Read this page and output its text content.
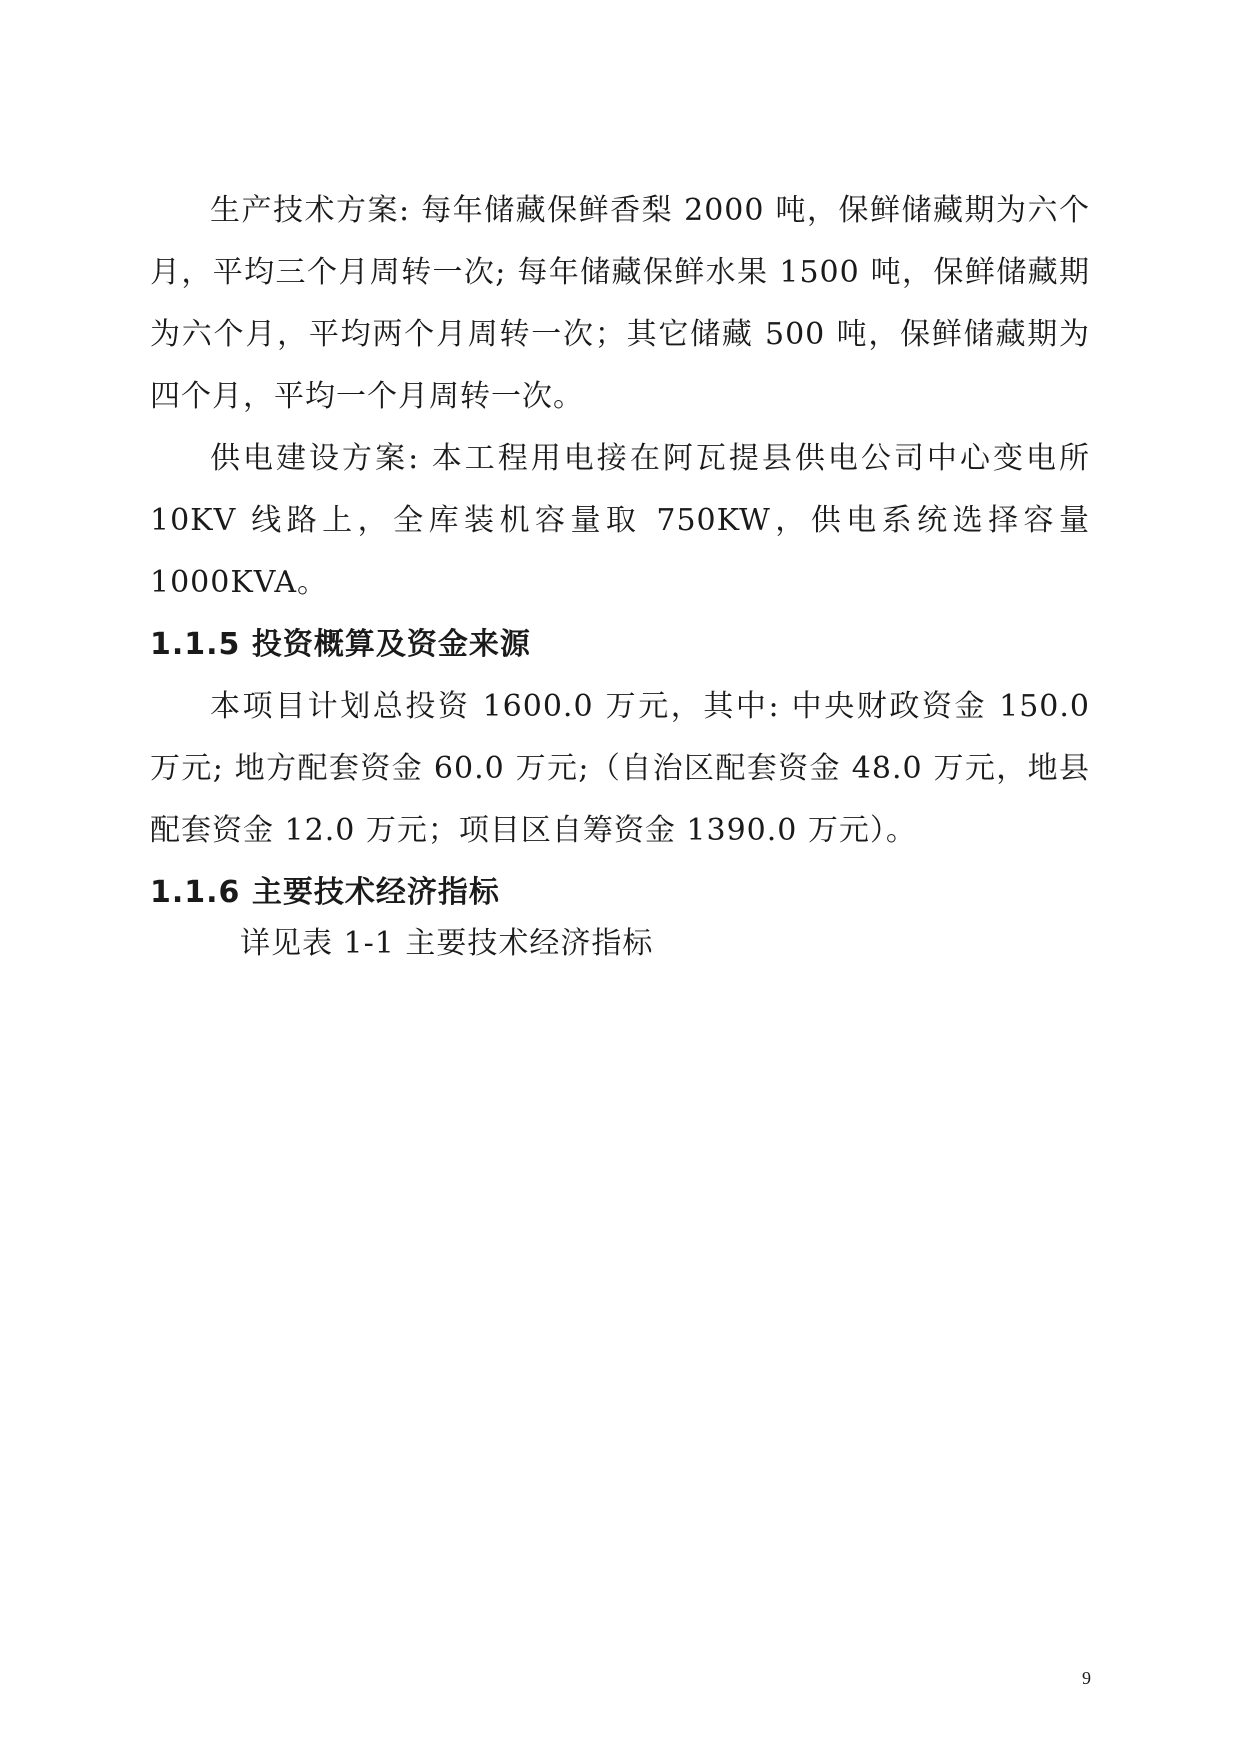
生产技术方案: 每年储藏保鲜香梨 2000 吨，保鲜储藏期为六个月，平均三个月周转一次; 每年储藏保鲜水果 1500 吨，保鲜储藏期为六个月，平均两个月周转一次；其它储藏 500 吨，保鲜储藏期为四个月，平均一个月周转一次。

供电建设方案: 本工程用电接在阿瓦提县供电公司中心变电所 10KV 线路上，全库装机容量取 750KW，供电系统选择容量 1000KVA。

1.1.5 投资概算及资金来源

本项目计划总投资 1600.0 万元，其中: 中央财政资金 150.0 万元; 地方配套资金 60.0 万元;（自治区配套资金 48.0 万元，地县配套资金 12.0 万元；项目区自筹资金 1390.0 万元）。

1.1.6 主要技术经济指标

详见表 1-1 主要技术经济指标

9
